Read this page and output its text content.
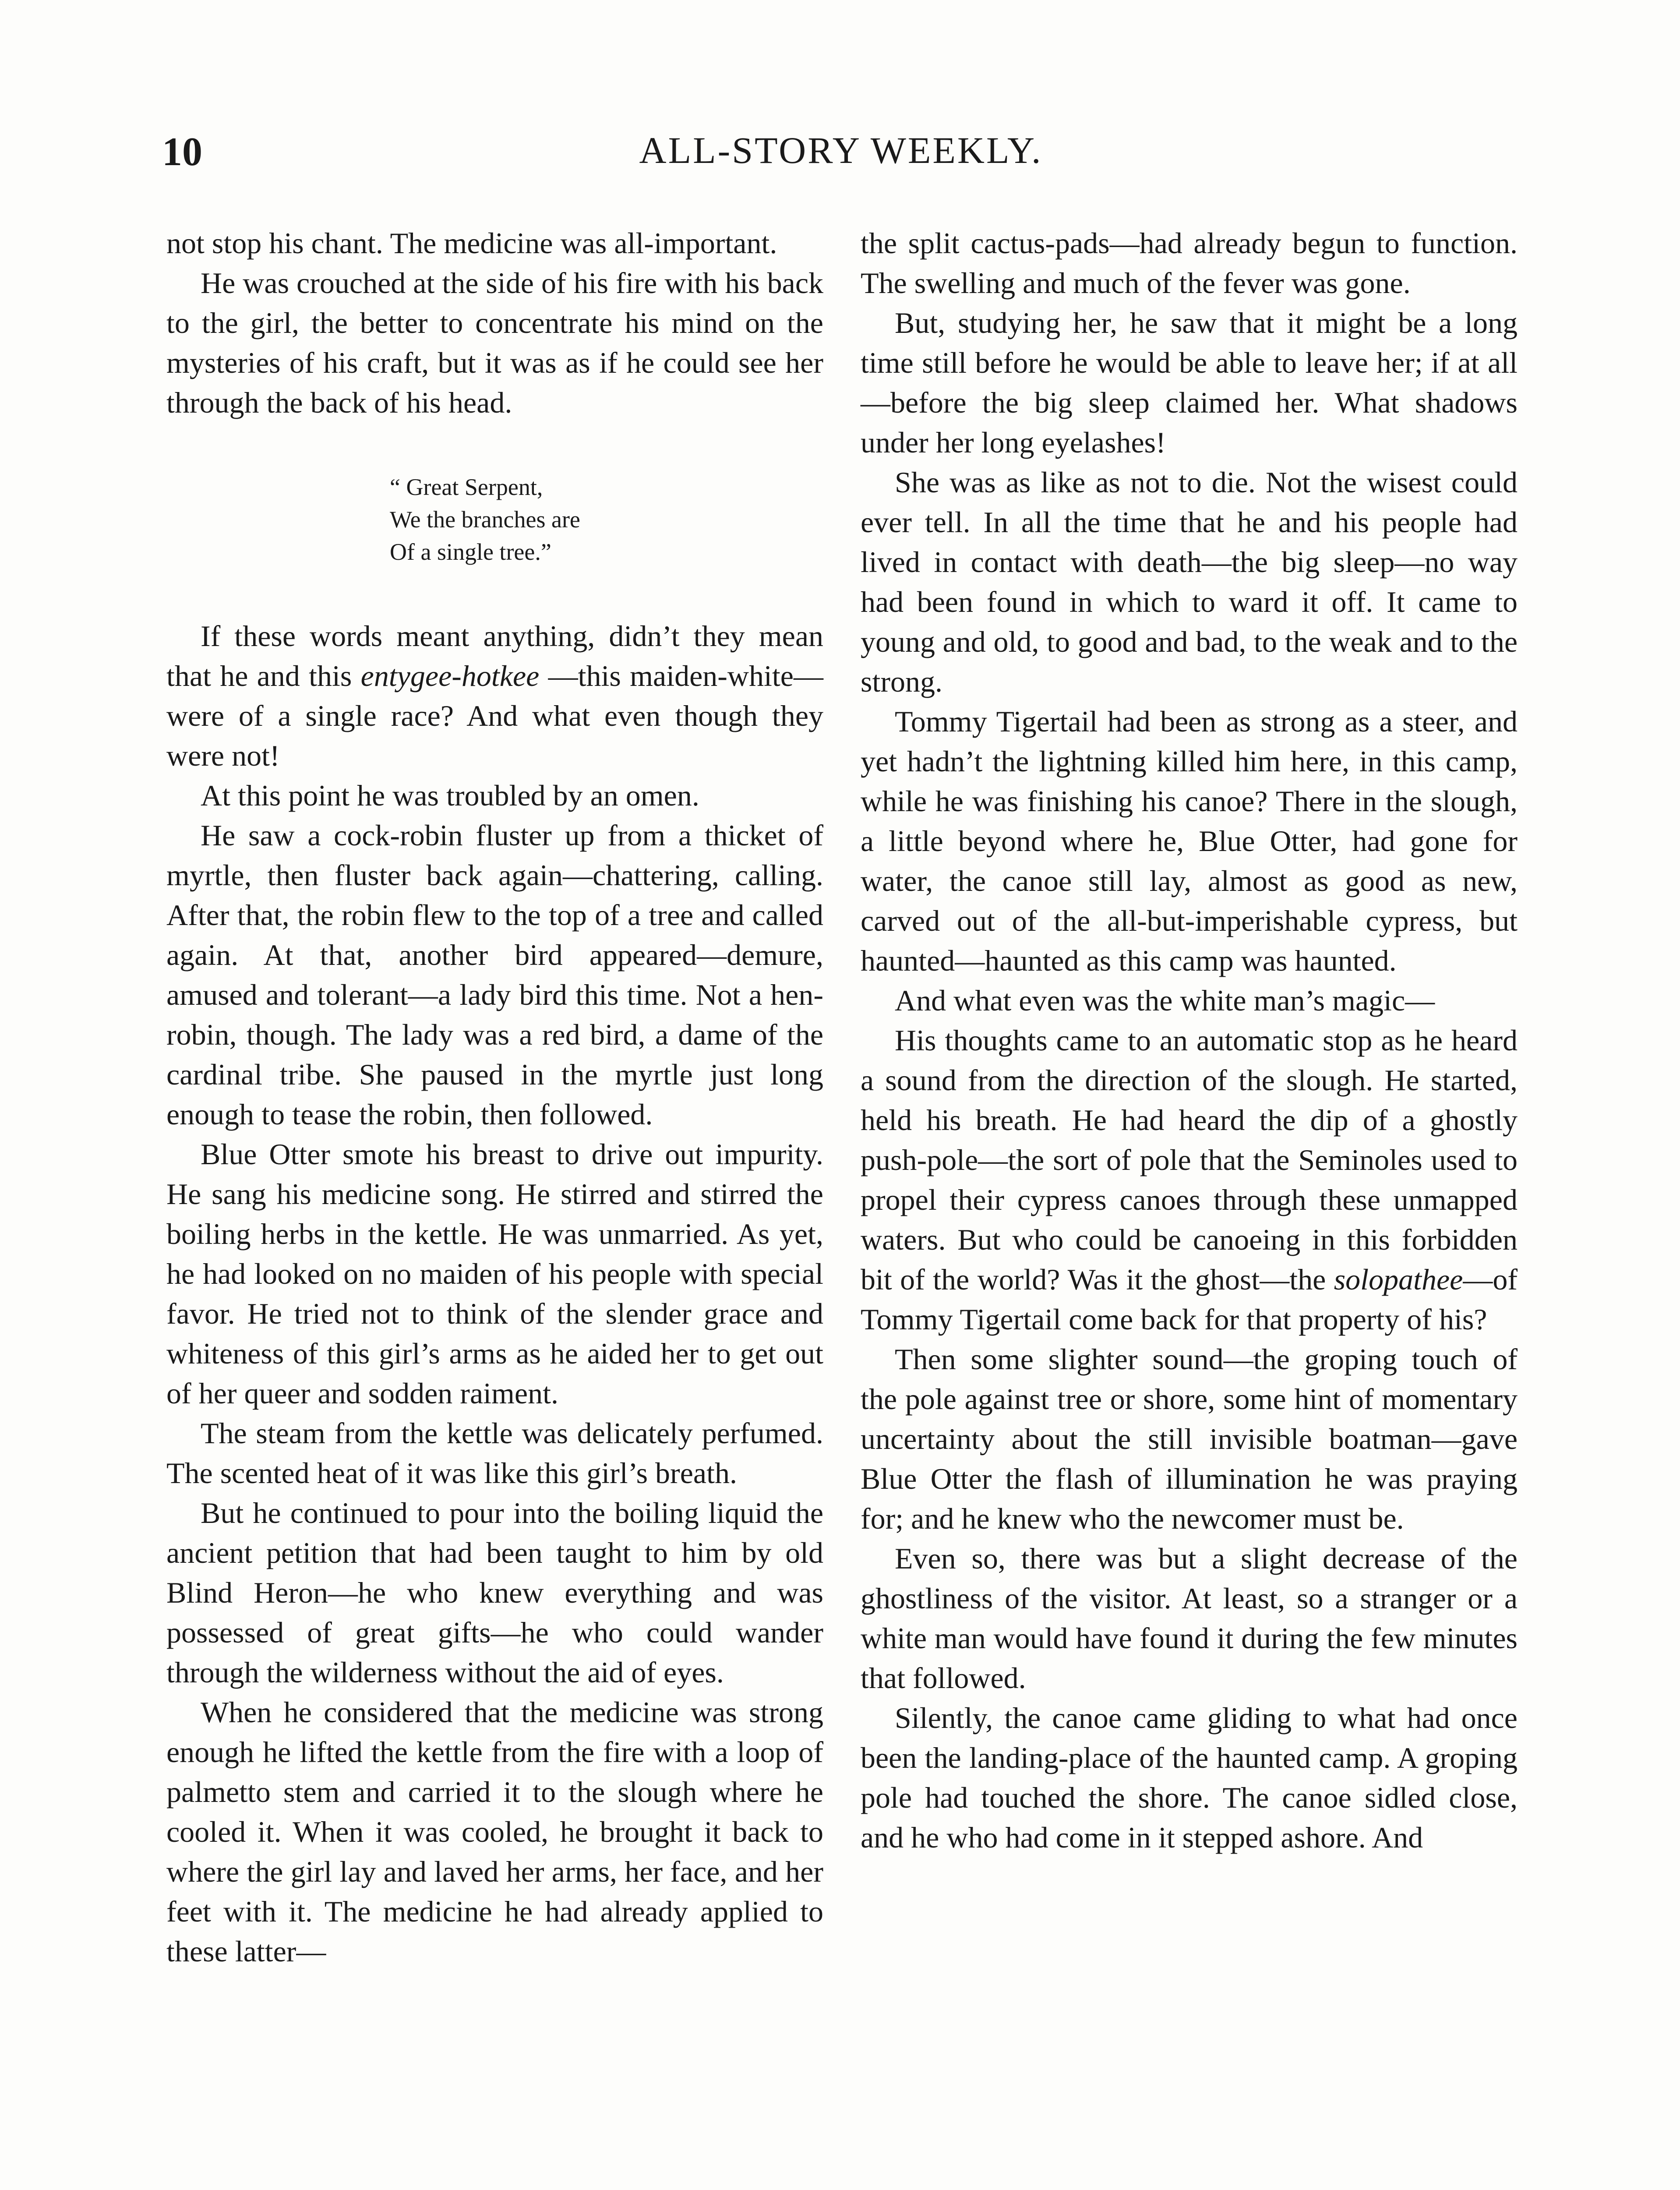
10	ALL-STORY WEEKLY.

not stop his chant. The medicine was all-important.

He was crouched at the side of his fire with his back to the girl, the better to concentrate his mind on the mysteries of his craft, but it was as if he could see her through the back of his head.

“ Great Serpent,
We the branches are
Of a single tree.”

If these words meant anything, didn’t they mean that he and this entygee-hotkee —this maiden-white—were of a single race? And what even though they were not!

At this point he was troubled by an omen.

He saw a cock-robin fluster up from a thicket of myrtle, then fluster back again—chattering, calling. After that, the robin flew to the top of a tree and called again. At that, another bird appeared—demure, amused and tolerant—a lady bird this time. Not a hen-robin, though. The lady was a red bird, a dame of the cardinal tribe. She paused in the myrtle just long enough to tease the robin, then followed.

Blue Otter smote his breast to drive out impurity. He sang his medicine song. He stirred and stirred the boiling herbs in the kettle. He was unmarried. As yet, he had looked on no maiden of his people with special favor. He tried not to think of the slender grace and whiteness of this girl’s arms as he aided her to get out of her queer and sodden raiment.

The steam from the kettle was delicately perfumed. The scented heat of it was like this girl’s breath.

But he continued to pour into the boiling liquid the ancient petition that had been taught to him by old Blind Heron—he who knew everything and was possessed of great gifts—he who could wander through the wilderness without the aid of eyes.

When he considered that the medicine was strong enough he lifted the kettle from the fire with a loop of palmetto stem and carried it to the slough where he cooled it. When it was cooled, he brought it back to where the girl lay and laved her arms, her face, and her feet with it. The medicine he had already applied to these latter—

the split cactus-pads—had already begun to function. The swelling and much of the fever was gone.

But, studying her, he saw that it might be a long time still before he would be able to leave her; if at all—before the big sleep claimed her. What shadows under her long eyelashes!

She was as like as not to die. Not the wisest could ever tell. In all the time that he and his people had lived in contact with death—the big sleep—no way had been found in which to ward it off. It came to young and old, to good and bad, to the weak and to the strong.

Tommy Tigertail had been as strong as a steer, and yet hadn’t the lightning killed him here, in this camp, while he was finishing his canoe? There in the slough, a little beyond where he, Blue Otter, had gone for water, the canoe still lay, almost as good as new, carved out of the all-but-imperishable cypress, but haunted—haunted as this camp was haunted.

And what even was the white man’s magic—

His thoughts came to an automatic stop as he heard a sound from the direction of the slough. He started, held his breath. He had heard the dip of a ghostly push-pole—the sort of pole that the Seminoles used to propel their cypress canoes through these unmapped waters. But who could be canoeing in this forbidden bit of the world? Was it the ghost—the solopathee—of Tommy Tigertail come back for that property of his?

Then some slighter sound—the groping touch of the pole against tree or shore, some hint of momentary uncertainty about the still invisible boatman—gave Blue Otter the flash of illumination he was praying for; and he knew who the newcomer must be.

Even so, there was but a slight decrease of the ghostliness of the visitor. At least, so a stranger or a white man would have found it during the few minutes that followed.

Silently, the canoe came gliding to what had once been the landing-place of the haunted camp. A groping pole had touched the shore. The canoe sidled close, and he who had come in it stepped ashore. And
